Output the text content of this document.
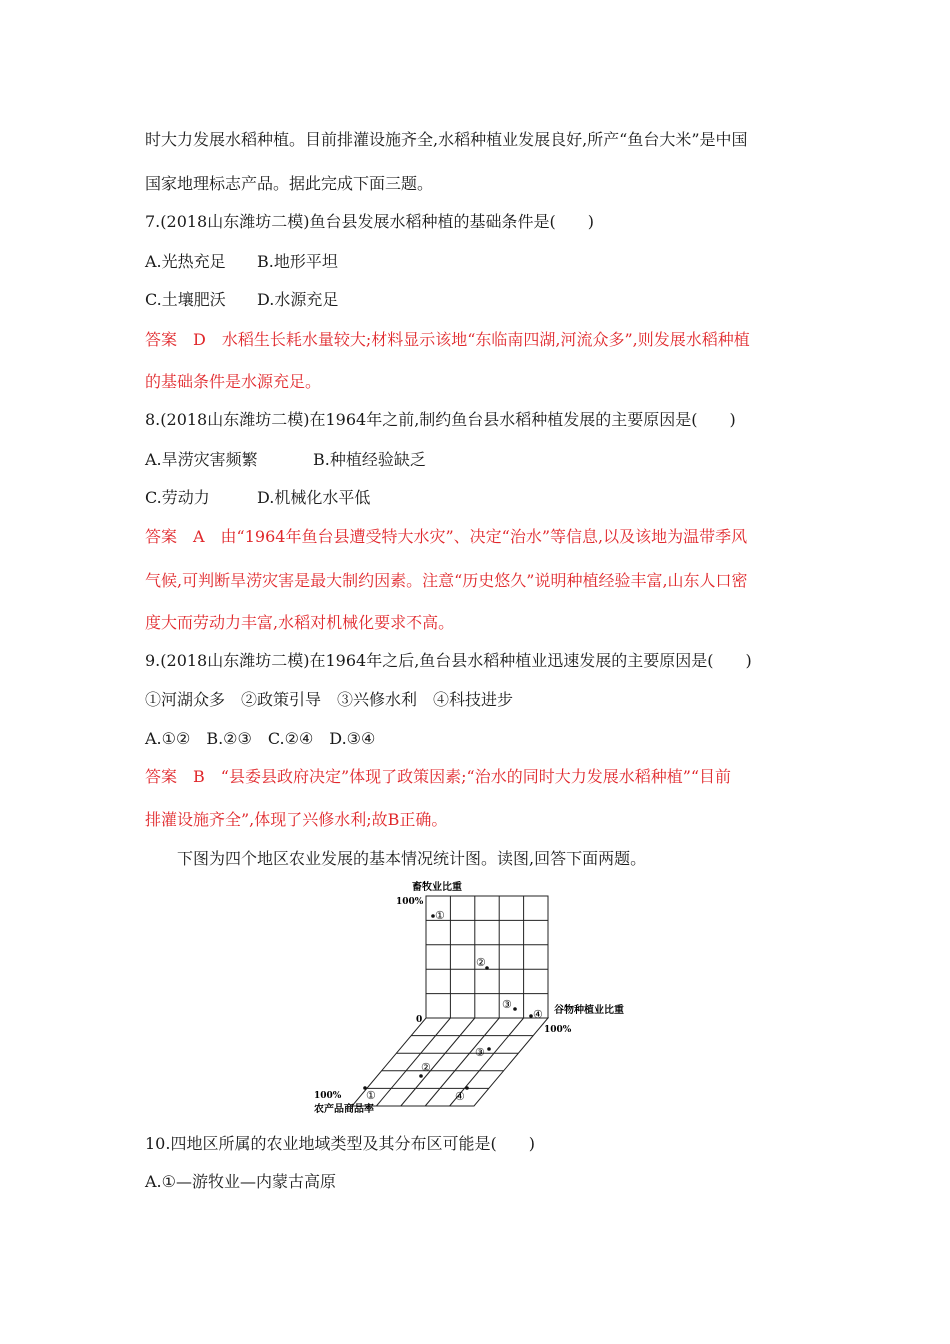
时大力发展水稻种植。目前排灌设施齐全,水稻种植业发展良好,所产“鱼台大米”是中国
国家地理标志产品。据此完成下面三题。
7.(2018山东潍坊二模)鱼台县发展水稻种植的基础条件是(　　)
A.光热充足 B.地形平坦
C.土壤肥沃 D.水源充足
答案　D　水稻生长耗水量较大;材料显示该地“东临南四湖,河流众多”,则发展水稻种植
的基础条件是水源充足。
8.(2018山东潍坊二模)在1964年之前,制约鱼台县水稻种植发展的主要原因是(　　)
A.旱涝灾害频繁	B.种植经验缺乏
C.劳动力	D.机械化水平低
答案　A　由“1964年鱼台县遭受特大水灾”、决定“治水”等信息,以及该地为温带季风
气候,可判断旱涝灾害是最大制约因素。注意“历史悠久”说明种植经验丰富,山东人口密
度大而劳动力丰富,水稻对机械化要求不高。
9.(2018山东潍坊二模)在1964年之后,鱼台县水稻种植业迅速发展的主要原因是(　　)
①河湖众多　②政策引导　③兴修水利　④科技进步
A.①②　B.②③　C.②④　D.③④
答案　B　“县委县政府决定”体现了政策因素;“治水的同时大力发展水稻种植”“目前
排灌设施齐全”,体现了兴修水利;故B正确。
下图为四个地区农业发展的基本情况统计图。读图,回答下面两题。
畜牧业比重
100%
0
谷物种植业比重
100%
100%
农产品商品率
①
②
③
④
①
②
③
④
10.四地区所属的农业地域类型及其分布区可能是(　　)
A.①—游牧业—内蒙古高原
